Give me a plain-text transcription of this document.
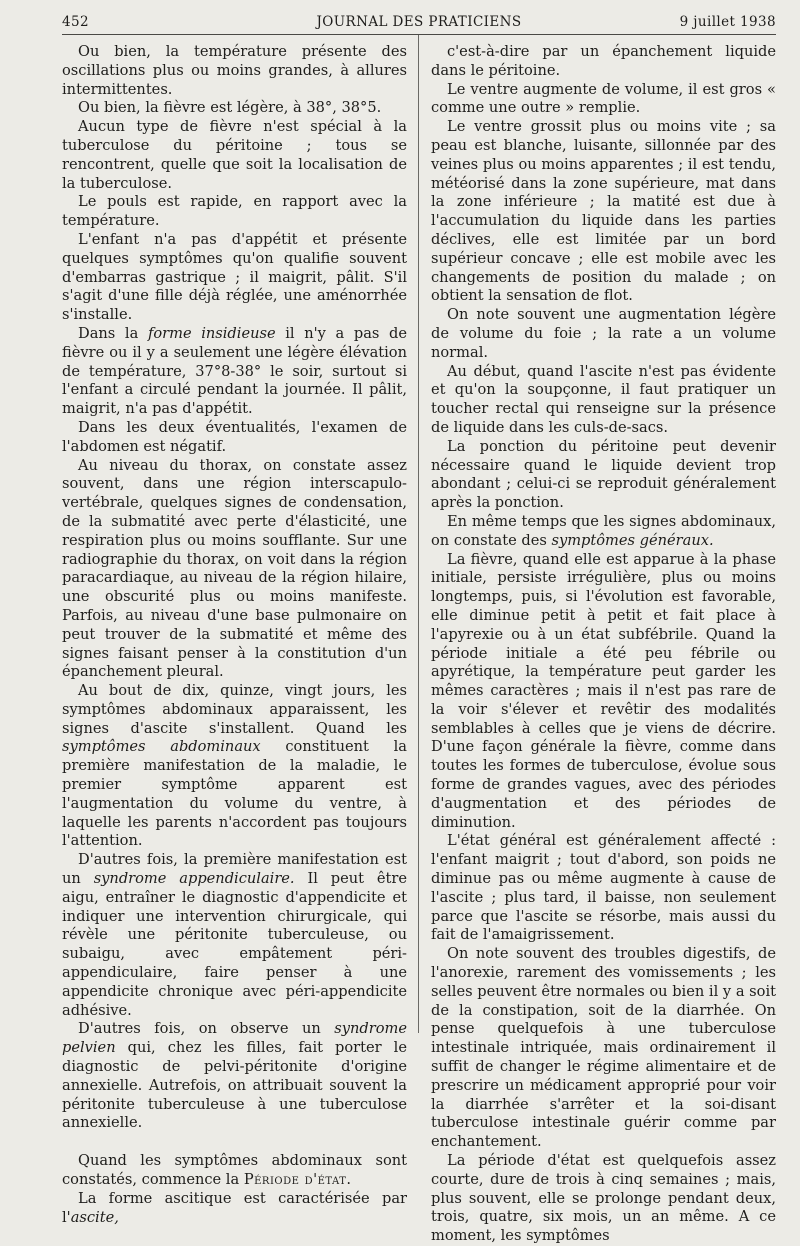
452	JOURNAL DES PRATICIENS	9 juillet 1938

Ou bien, la température présente des oscillations plus ou moins grandes, à allures intermittentes.

Ou bien, la fièvre est légère, à 38°, 38°5.

Aucun type de fièvre n'est spécial à la tuberculose du péritoine ; tous se rencontrent, quelle que soit la localisation de la tuberculose.

Le pouls est rapide, en rapport avec la température.

L'enfant n'a pas d'appétit et présente quelques symptômes qu'on qualifie souvent d'embarras gastrique ; il maigrit, pâlit. S'il s'agit d'une fille déjà réglée, une aménorrhée s'installe.

Dans la forme insidieuse il n'y a pas de fièvre ou il y a seulement une légère élévation de température, 37°8-38° le soir, surtout si l'enfant a circulé pendant la journée. Il pâlit, maigrit, n'a pas d'appétit.

Dans les deux éventualités, l'examen de l'abdomen est négatif.

Au niveau du thorax, on constate assez souvent, dans une région interscapulo-vertébrale, quelques signes de condensation, de la submatité avec perte d'élasticité, une respiration plus ou moins soufflante. Sur une radiographie du thorax, on voit dans la région paracardiaque, au niveau de la région hilaire, une obscurité plus ou moins manifeste. Parfois, au niveau d'une base pulmonaire on peut trouver de la submatité et même des signes faisant penser à la constitution d'un épanchement pleural.

Au bout de dix, quinze, vingt jours, les symptômes abdominaux apparaissent, les signes d'ascite s'installent. Quand les symptômes abdominaux constituent la première manifestation de la maladie, le premier symptôme apparent est l'augmentation du volume du ventre, à laquelle les parents n'accordent pas toujours l'attention.

D'autres fois, la première manifestation est un syndrome appendiculaire. Il peut être aigu, entraîner le diagnostic d'appendicite et indiquer une intervention chirurgicale, qui révèle une péritonite tuberculeuse, ou subaigu, avec empâtement péri-appendiculaire, faire penser à une appendicite chronique avec péri-appendicite adhésive.

D'autres fois, on observe un syndrome pelvien qui, chez les filles, fait porter le diagnostic de pelvi-péritonite d'origine annexielle. Autrefois, on attribuait souvent la péritonite tuberculeuse à une tuberculose annexielle.

Quand les symptômes abdominaux sont constatés, commence la Période d'état.

La forme ascitique est caractérisée par l'ascite,

c'est-à-dire par un épanchement liquide dans le péritoine.

Le ventre augmente de volume, il est gros « comme une outre » remplie.

Le ventre grossit plus ou moins vite ; sa peau est blanche, luisante, sillonnée par des veines plus ou moins apparentes ; il est tendu, météorisé dans la zone supérieure, mat dans la zone inférieure ; la matité est due à l'accumulation du liquide dans les parties déclives, elle est limitée par un bord supérieur concave ; elle est mobile avec les changements de position du malade ; on obtient la sensation de flot.

On note souvent une augmentation légère de volume du foie ; la rate a un volume normal.

Au début, quand l'ascite n'est pas évidente et qu'on la soupçonne, il faut pratiquer un toucher rectal qui renseigne sur la présence de liquide dans les culs-de-sacs.

La ponction du péritoine peut devenir nécessaire quand le liquide devient trop abondant ; celui-ci se reproduit généralement après la ponction.

En même temps que les signes abdominaux, on constate des symptômes généraux.

La fièvre, quand elle est apparue à la phase initiale, persiste irrégulière, plus ou moins longtemps, puis, si l'évolution est favorable, elle diminue petit à petit et fait place à l'apyrexie ou à un état subfébrile. Quand la période initiale a été peu fébrile ou apyrétique, la température peut garder les mêmes caractères ; mais il n'est pas rare de la voir s'élever et revêtir des modalités semblables à celles que je viens de décrire. D'une façon générale la fièvre, comme dans toutes les formes de tuberculose, évolue sous forme de grandes vagues, avec des périodes d'augmentation et des périodes de diminution.

L'état général est généralement affecté : l'enfant maigrit ; tout d'abord, son poids ne diminue pas ou même augmente à cause de l'ascite ; plus tard, il baisse, non seulement parce que l'ascite se résorbe, mais aussi du fait de l'amaigrissement.

On note souvent des troubles digestifs, de l'anorexie, rarement des vomissements ; les selles peuvent être normales ou bien il y a soit de la constipation, soit de la diarrhée. On pense quelquefois à une tuberculose intestinale intriquée, mais ordinairement il suffit de changer le régime alimentaire et de prescrire un médicament approprié pour voir la diarrhée s'arrêter et la soi-disant tuberculose intestinale guérir comme par enchantement.

La période d'état est quelquefois assez courte, dure de trois à cinq semaines ; mais, plus souvent, elle se prolonge pendant deux, trois, quatre, six mois, un an même. A ce moment, les symptômes
